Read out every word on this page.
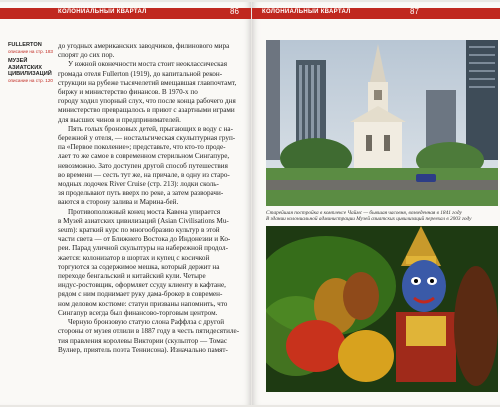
КОЛОНИАЛЬНЫЙ КВАРТАЛ	86
FULLERTON
описание на стр. 183
МУЗЕЙ АЗИАТСКИХ ЦИВИЛИЗАЦИЙ
описание на стр. 120

до угодных американских заводчиков, филинового мира

спорят до сих пор.

У южной оконечности моста стоит неоклассическая

громада отеля Fullerton (1919), до капитальной рекон-

струкции на рубеже тысячелетий вмещавшая главпочтамт,

биржу и министерство финансов. В 1970-х по

городу ходил упорный слух, что после конца рабочего дня

министерство превращалось в приют с азартными играми

для высших чинов и предпринимателей.

Пять голых бронзовых детей, прыгающих в воду с на-

бережной у отеля, — ностальгическая скульптурная груп-

па «Первое поколение»; представьте, что кто-то проде-

лает то же самое в современном стерильном Сингапуре,

невозможно. Зато доступен другой способ путешествия

во времени — сесть тут же, на причале, в одну из старо-

модных лодочек River Cruise (стр. 213): лодки сколь-

зя продельвают путь вверх по реке, а затем разворачи-

ваются в сторону залива и Марина-бей.

Противоположный конец моста Кавена упирается

в Музей азиатских цивилизаций (Asian Civilisations Mu-

seum): краткий курс по многообразию культур в этой

части света — от Ближнего Востока до Индонезии и Ко-

реи. Парад уличной скульптуры на набережной продол-

жается: колонизатор в шортах и купец с косичкой

торгуются за содержимое мешка, который держит на

переходе бенгальский и китайский кули. Четыре

индус-ростовщик, оформляет ссуду клиенту в кафтане,

рядом с ним поднимает руку дама-брокер в современ-

ном деловом костюме: статуи призваны напомнить, что

Сингапур всегда был финансово-торговым центром.

Черную бронзовую статую слона Раффлза с другой

стороны от музея отлили в 1887 году в честь пятидесятиле-

тия правления королевы Виктории (скульптор — Томас

Вулнер, приятель поэта Теннисона). Изначально памят-

КОЛОНИАЛЬНЫЙ КВАРТАЛ	87
Старейшая постройка в комплексе Чаймс — бывшая часовня, возведенная в 1841 году
В здании колониальной администрации Музей азиатских цивилизаций переехал в 2003 году
